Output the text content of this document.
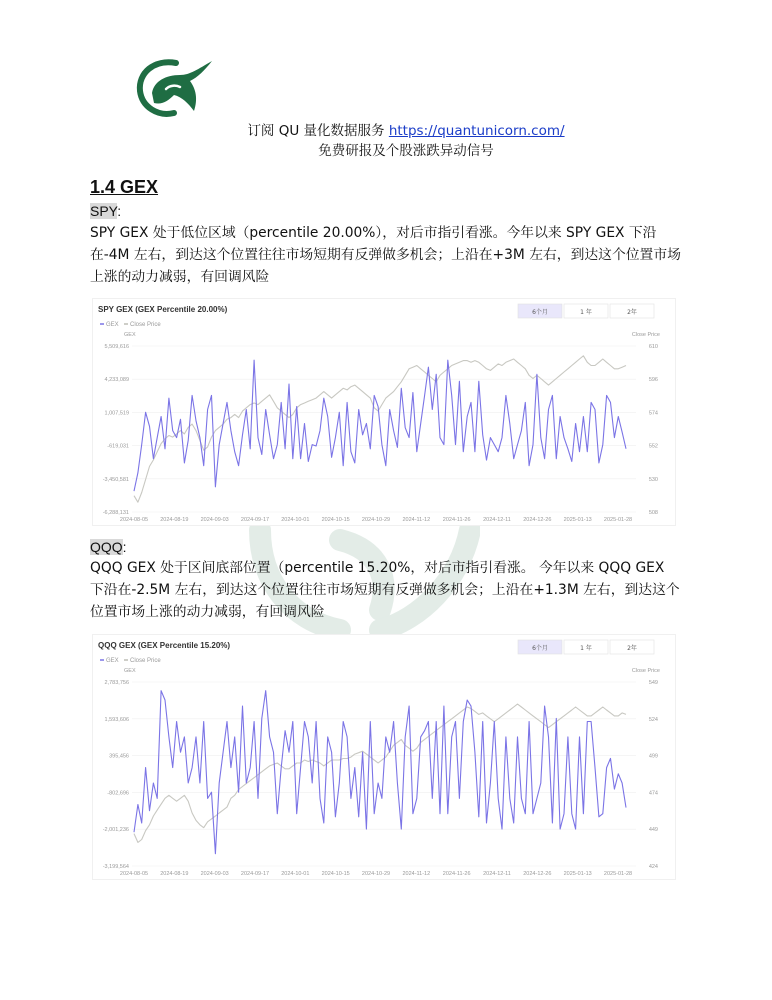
订阅 QU 量化数据服务 https://quantunicorn.com/
免费研报及个股涨跌异动信号
1.4 GEX
SPY:
SPY GEX 处于低位区域（percentile 20.00%），对后市指引看涨。今年以来 SPY GEX 下沿在-4M 左右，到达这个位置往往市场短期有反弹做多机会；上沿在+3M 左右，到达这个位置市场上涨的动力减弱，有回调风险
SPY GEX (GEX Percentile 20.00%)
GEX Close Price
6个月	1 年	2年
GEX	Close Price
5,509,616	610
4,233,089	596
1,007,519	574
-619,031	552
-3,450,581	530
-6,288,131	508
2024-08-05 2024-08-19 2024-09-03 2024-09-17 2024-10-01 2024-10-15 2024-10-29 2024-11-12 2024-11-26 2024-12-11 2024-12-26 2025-01-13 2025-01-28
QQQ:
QQQ GEX 处于区间底部位置（percentile 15.20%，对后市指引看涨。 今年以来 QQQ GEX 下沿在-2.5M 左右，到达这个位置往往市场短期有反弹做多机会；上沿在+1.3M 左右，到达这个位置市场上涨的动力减弱，有回调风险
QQQ GEX (GEX Percentile 15.20%)
GEX Close Price
6个月	1 年	2年
GEX	Close Price
2,783,756	549
1,593,606	524
395,456	499
-802,696	474
-2,001,236	449
-3,199,564	424
2024-08-05 2024-08-19 2024-09-03 2024-09-17 2024-10-01 2024-10-15 2024-10-29 2024-11-12 2024-11-26 2024-12-11 2024-12-26 2025-01-13 2025-01-28
